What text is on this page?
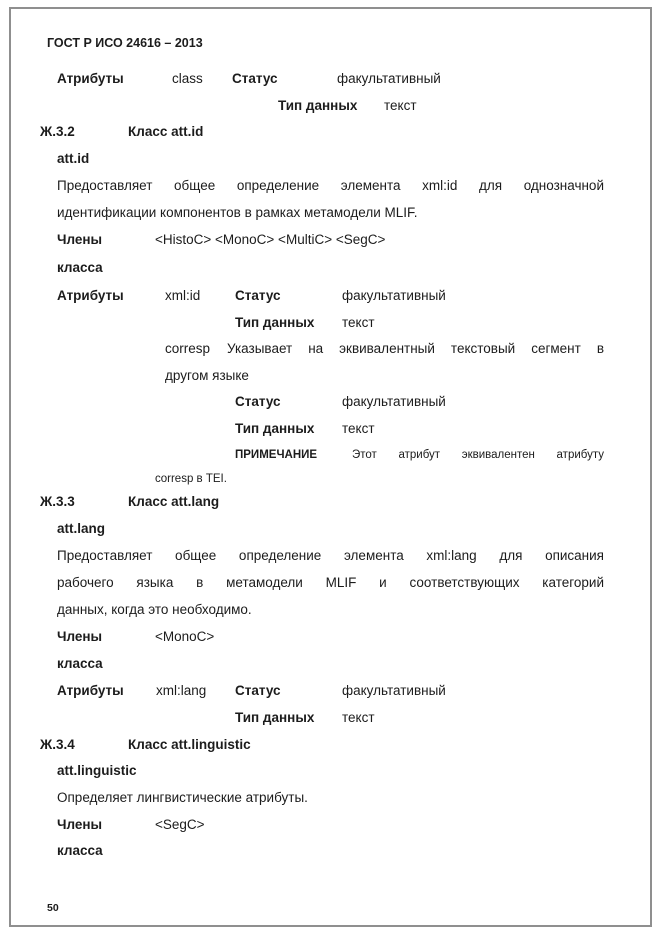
ГОСТ Р ИСО 24616 – 2013
Атрибуты	class Статус	факультативный
Тип данных текст
Ж.3.2	Класс att.id
att.id
Предоставляет общее определение элемента xml:id для однозначной
идентификации компонентов в рамках метамодели MLIF.
Члены	<HistoC> <MonoC> <MultiC> <SegC>
класса
Атрибуты	xml:id	Статус	факультативный
Тип данных текст
corresp Указывает на эквивалентный текстовый сегмент в
другом языке
Статус	факультативный
Тип данных текст
ПРИМЕЧАНИЕ	Этот атрибут эквивалентен атрибуту
corresp в TEI.
Ж.3.3	Класс att.lang
att.lang
Предоставляет общее определение элемента xml:lang для описания
рабочего языка в метамодели MLIF и соответствующих категорий
данных, когда это необходимо.
Члены	<MonoC>
класса
Атрибуты xml:lang Статус	факультативный
Тип данных текст
Ж.3.4	Класс att.linguistic
att.linguistic
Определяет лингвистические атрибуты.
Члены	<SegC>
класса
50
